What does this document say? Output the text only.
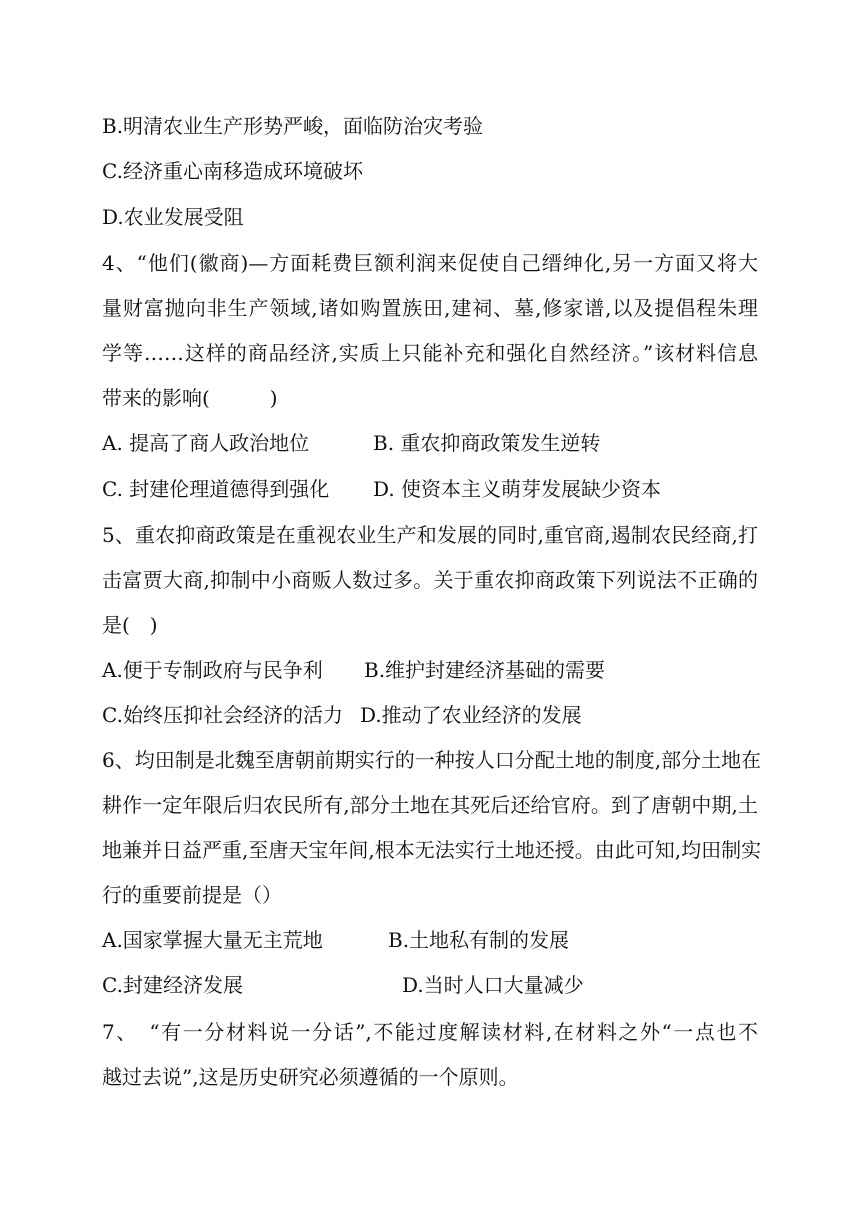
B.明清农业生产形势严峻，面临防治灾考验
C.经济重心南移造成环境破坏
D.农业发展受阻
4、“他们(徽商)—方面耗费巨额利润来促使自己缙绅化,另一方面又将大
量财富抛向非生产领域,诸如购置族田,建祠、墓,修家谱,以及提倡程朱理
学等……这样的商品经济,实质上只能补充和强化自然经济。”该材料信息
带来的影响(　　　)
A. 提高了商人政治地位	B. 重农抑商政策发生逆转
C. 封建伦理道德得到强化 D. 使资本主义萌芽发展缺少资本
5、重农抑商政策是在重视农业生产和发展的同时,重官商,遏制农民经商,打
击富贾大商,抑制中小商贩人数过多。关于重农抑商政策下列说法不正确的
是(　)
A.便于专制政府与民争利 B.维护封建经济基础的需要
C.始终压抑社会经济的活力 D.推动了农业经济的发展
6、均田制是北魏至唐朝前期实行的一种按人口分配土地的制度,部分土地在
耕作一定年限后归农民所有,部分土地在其死后还给官府。到了唐朝中期,土
地兼并日益严重,至唐天宝年间,根本无法实行土地还授。由此可知,均田制实
行的重要前提是（）
A.国家掌握大量无主荒地	B.土地私有制的发展
C.封建经济发展	D.当时人口大量减少
7、　“有一分材料说一分话”,不能过度解读材料,在材料之外“一点也不
越过去说”,这是历史研究必须遵循的一个原则。
